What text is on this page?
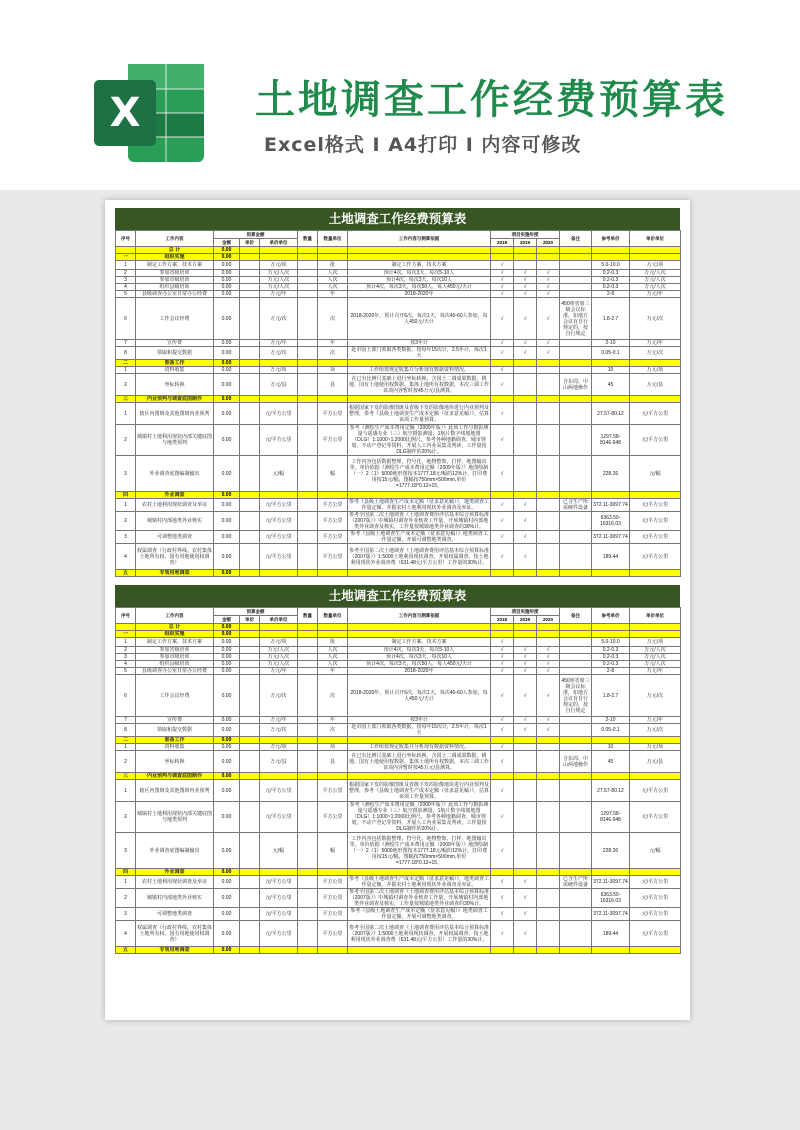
X	土地调查工作经费预算表
Excel格式 I A4打印 I 内容可修改
土地调查工作经费预算表
序号	工作内容	预算金额			数量	数量单位	工作内容与测算依据	项目实施年度			备注	参考单价	单价单位
		金额	单价	单价单位				2018	2019	2020			
	总 计	0.00											
一	组织实施	0.00											
1	制定工作方案、技术方案	0.00		万元/项		批	制定工作方案、技术方案	√				5.0-10.0	万元/项
2	参加省级培训	0.00		万元/人次		人次	预计4次，每次3天，每次5-10人	√	√	√		0.2-0.3	万元/人次
3	参加市级培训	0.00		万元/人次		人次	预计4次，每次3天，每次10人	√	√	√		0.2-0.3	万元/人次
4	组织县级培训	0.00		万元/人次		人次	预计4次，每次3天，每次50人，每人450元/天计	√	√	√		0.2-0.3	万元/人次
5	县级调查办公室日常办公经费	0.00		万元/年		年	2018-2020年	√	√	√		2-8	万元/年
6	工作会议经费	0.00		万元/次		次	2018-2020年，预计召开6次，每次1天，每次40-60人参加，每人450元/天计	√	√	√	450座省席三级会议标准，如地方会议有自行规定的，按自行规定	1.8-2.7	万元/次
7	宣传费	0.00		万元/年		年	按3年计	√	√	√		2-10	万元/年
8	领取和提交数据	0.00		万元/次		次	赴市国土部门领取各类数据，按每年15次计，2.5年计，每次1天	√	√	√		0.05-0.1	万元/次
二	准备工作	0.00											
1	资料收集	0.00		万元/项		项	工作组按规定收集并分析现有数据资料情况。	√				10	万元/项
2	坐标转换	0.00		万元/县		县	在已有比例尺基础上进行坐标转换，含国土二调成果数据、耕地、国有土地使用权数据、集体土地所有权数据，本次三调工作该项内容暂时按45万元/县测算。	√			含东周、中山两地操作	45	万元/县
三	内业预判与调查底图制作	0.00											
1	辖区内图斑及其他图斑内业预判	0.00		元/平方公里		平方公里	根据国家下发的影像图斑及省级下发的影像地块进行内业预判及整理，参考《县级土地调查生产成本定额（征求意见稿）》，估算该项工作量预算。	√				27.57-80.12	元/平方公里
2	城镇村土地利用现状内部关键底图与地类预判	0.00		元/平方公里		平方公里	参考《测绘生产成本费用定额（2009年版）》此项工作与摄影测量与遥感专业（三）航空摄影测量、1航片数字线划地图（DLG）1:1000~1:2000比例尺，参考各种地籍调查、城市规划，不动产登记等资料，开展人工内业采集及判读，工作量按DLG制作的20%计。	√				1297.58-8146.648	元/平方公里
3	外业调查底图编制输出	0.00		元/幅		幅	工作内容包括数据整理、符号化、地物整饰、打样、地图输出等。单价依据《测绘生产成本费用定额（2009年版）》地图绘制（一）2（1）5000地形图按本1777.18元/幅的12%计，打印费用按15元/幅，图幅按750mm×500mm,单价=1777.18*0.12+15。	√				228.26	元/幅
四	外业调查	0.00											
1	农村土地利用现状调查及举证	0.00		元/平方公里		平方公里	参考《县级土地调查生产成本定额（征求意见稿）》，地类调查工作量定额，并据农村土地利用现状外业调查及举证。	√	√		已含生产所需硬件设备	372.11-3097.74	元/平方公里
2	城镇村内部地类外业核实	0.00		元/平方公里		平方公里	参考全国第二次土地调查《土地调查费用评估基本综合预算标准（2007版）》中城镇村调查外业核查工作量，开展城镇村内部地类外业调查及核实，工作量按城镇地类外业调查的30%计。	√	√			6363.50-16316.03	元/平方公里
3	可调整地类调查	0.00		元/平方公里		平方公里	参考《县级土地调查生产成本定额（征求意见稿）》地类调查工作量定额，开展可调整地类调查。	√	√			372.11-3097.74	元/平方公里
4	权属调查（行政村界线、农村集体土地所有权、国有用地使用权调查）	0.00		元/平方公里		平方公里	参考全国第二次土地调查《土地调查费用评估基本综合预算标准（2007版）》1:5000土地利用现状调查，开展权属调查，按土地利用现状外业调查费（631.48元/平方公里）工作量的30%计。	√	√			189.44	元/平方公里
五	专项用地调查	0.00											
土地调查工作经费预算表
序号	工作内容	预算金额			数量	数量单位	工作内容与测算依据	项目实施年度			备注	参考单价	单价单位
		金额	单价	单价单位				2018	2019	2020			
	总 计	0.00											
一	组织实施	0.00											
1	制定工作方案、技术方案	0.00		万元/项		批	制定工作方案、技术方案	√				5.0-10.0	万元/项
2	参加省级培训	0.00		万元/人次		人次	预计4次，每次3天，每次5-10人	√	√	√		0.2-0.3	万元/人次
3	参加市级培训	0.00		万元/人次		人次	预计4次，每次3天，每次10人	√	√	√		0.2-0.3	万元/人次
4	组织县级培训	0.00		万元/人次		人次	预计4次，每次3天，每次50人，每人450元/天计	√	√	√		0.2-0.3	万元/人次
5	县级调查办公室日常办公经费	0.00		万元/年		年	2018-2020年	√	√	√		2-8	万元/年
6	工作会议经费	0.00		万元/次		次	2018-2020年，预计召开6次，每次1天，每次40-60人参加，每人450元/天计	√	√	√	450座省席三级会议标准，如地方会议有自行规定的，按自行规定	1.8-2.7	万元/次
7	宣传费	0.00		万元/年		年	按3年计	√	√	√		2-10	万元/年
8	领取和提交数据	0.00		万元/次		次	赴市国土部门领取各类数据，按每年15次计，2.5年计，每次1天	√	√	√		0.05-0.1	万元/次
二	准备工作	0.00											
1	资料收集	0.00		万元/项		项	工作组按规定收集并分析现有数据资料情况。	√				10	万元/项
2	坐标转换	0.00		万元/县		县	在已有比例尺基础上进行坐标转换，含国土二调成果数据、耕地、国有土地使用权数据、集体土地所有权数据，本次三调工作该项内容暂时按45万元/县测算。	√			含东周、中山两地操作	45	万元/县
三	内业预判与调查底图制作	0.00											
1	辖区内图斑及其他图斑内业预判	0.00		元/平方公里		平方公里	根据国家下发的影像图斑及省级下发的影像地块进行内业预判及整理，参考《县级土地调查生产成本定额（征求意见稿）》，估算该项工作量预算。	√				27.57-80.12	元/平方公里
2	城镇村土地利用现状内部关键底图与地类预判	0.00		元/平方公里		平方公里	参考《测绘生产成本费用定额（2009年版）》此项工作与摄影测量与遥感专业（三）航空摄影测量、1航片数字线划地图（DLG）1:1000~1:2000比例尺，参考各种地籍调查、城市规划，不动产登记等资料，开展人工内业采集及判读，工作量按DLG制作的20%计。	√				1297.58-8146.648	元/平方公里
3	外业调查底图编制输出	0.00		元/幅		幅	工作内容包括数据整理、符号化、地物整饰、打样、地图输出等。单价依据《测绘生产成本费用定额（2009年版）》地图绘制（一）2（1）5000地形图按本1777.18元/幅的12%计，打印费用按15元/幅，图幅按750mm×500mm,单价=1777.18*0.12+15。	√				228.26	元/幅
四	外业调查	0.00											
1	农村土地利用现状调查及举证	0.00		元/平方公里		平方公里	参考《县级土地调查生产成本定额（征求意见稿）》，地类调查工作量定额，并据农村土地利用现状外业调查及举证。	√	√		已含生产所需硬件设备	372.11-3097.74	元/平方公里
2	城镇村内部地类外业核实	0.00		元/平方公里		平方公里	参考全国第二次土地调查《土地调查费用评估基本综合预算标准（2007版）》中城镇村调查外业核查工作量，开展城镇村内部地类外业调查及核实，工作量按城镇地类外业调查的30%计。	√	√			6363.50-16316.03	元/平方公里
3	可调整地类调查	0.00		元/平方公里		平方公里	参考《县级土地调查生产成本定额（征求意见稿）》地类调查工作量定额，开展可调整地类调查。	√	√			372.11-3097.74	元/平方公里
4	权属调查（行政村界线、农村集体土地所有权、国有用地使用权调查）	0.00		元/平方公里		平方公里	参考全国第二次土地调查《土地调查费用评估基本综合预算标准（2007版）》1:5000土地利用现状调查，开展权属调查，按土地利用现状外业调查费（631.48元/平方公里）工作量的30%计。	√	√			189.44	元/平方公里
五	专项用地调查	0.00											
